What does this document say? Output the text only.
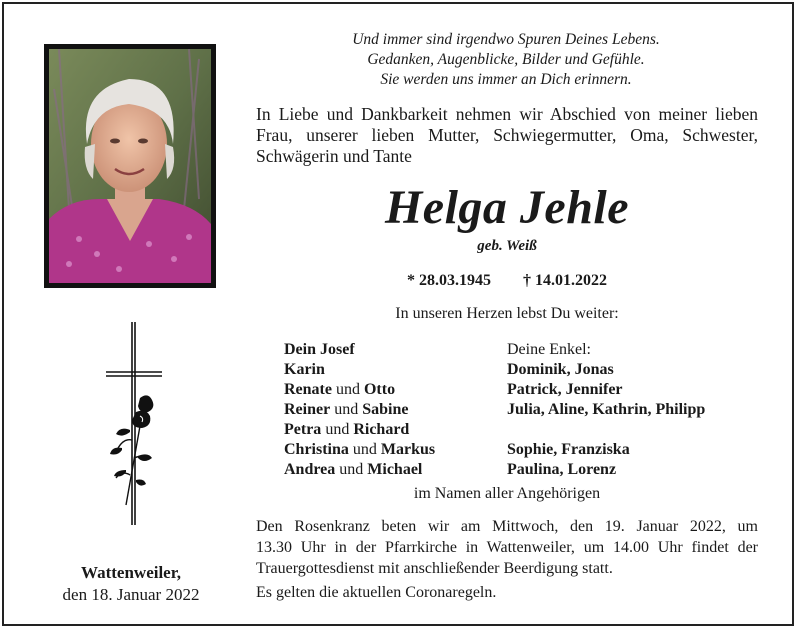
Wattenweiler,
den 18. Januar 2022
Und immer sind irgendwo Spuren Deines Lebens.
Gedanken, Augenblicke, Bilder und Gefühle.
Sie werden uns immer an Dich erinnern.
In Liebe und Dankbarkeit nehmen wir Abschied von meiner lieben
Frau, unserer lieben Mutter, Schwiegermutter, Oma, Schwester,
Schwägerin und Tante
Helga Jehle
geb. Weiß
* 28.03.1945 † 14.01.2022
In unseren Herzen lebst Du weiter:
Dein Josef
Karin
Renate und Otto
Reiner und Sabine
Petra und Richard
Christina und Markus
Andrea und Michael
Deine Enkel:
Dominik, Jonas
Patrick, Jennifer
Julia, Aline, Kathrin, Philipp
Sophie, Franziska
Paulina, Lorenz
im Namen aller Angehörigen
Den Rosenkranz beten wir am Mittwoch, den 19. Januar 2022, um
13.30 Uhr in der Pfarrkirche in Wattenweiler, um 14.00 Uhr findet der
Trauergottesdienst mit anschließender Beerdigung statt.
Es gelten die aktuellen Coronaregeln.
